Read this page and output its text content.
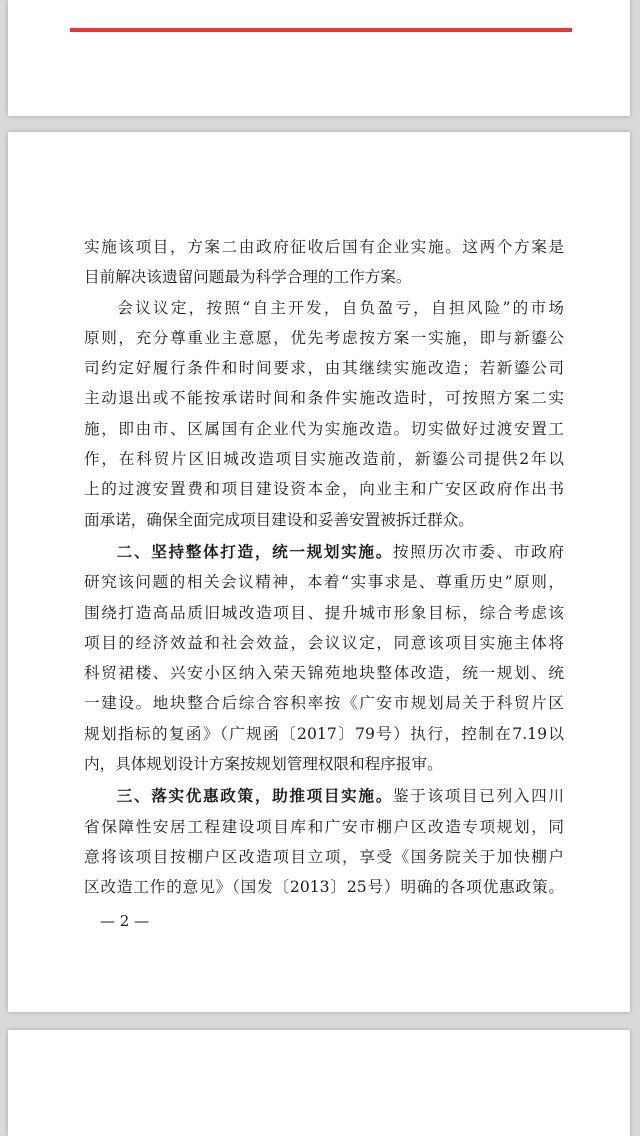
实施该项目，方案二由政府征收后国有企业实施。这两个方案是
目前解决该遗留问题最为科学合理的工作方案。
会议议定，按照“自主开发，自负盈亏，自担风险”的市场
原则，充分尊重业主意愿，优先考虑按方案一实施，即与新鎏公
司约定好履行条件和时间要求，由其继续实施改造；若新鎏公司
主动退出或不能按承诺时间和条件实施改造时，可按照方案二实
施，即由市、区属国有企业代为实施改造。切实做好过渡安置工
作，在科贸片区旧城改造项目实施改造前，新鎏公司提供2年以
上的过渡安置费和项目建设资本金，向业主和广安区政府作出书
面承诺，确保全面完成项目建设和妥善安置被拆迁群众。
二、坚持整体打造，统一规划实施。按照历次市委、市政府
研究该问题的相关会议精神，本着“实事求是、尊重历史”原则，
围绕打造高品质旧城改造项目、提升城市形象目标，综合考虑该
项目的经济效益和社会效益，会议议定，同意该项目实施主体将
科贸裙楼、兴安小区纳入荣天锦苑地块整体改造，统一规划、统
一建设。地块整合后综合容积率按《广安市规划局关于科贸片区
规划指标的复函》（广规函〔2017〕79号）执行，控制在7.19以
内，具体规划设计方案按规划管理权限和程序报审。
三、落实优惠政策，助推项目实施。鉴于该项目已列入四川
省保障性安居工程建设项目库和广安市棚户区改造专项规划，同
意将该项目按棚户区改造项目立项，享受《国务院关于加快棚户
区改造工作的意见》（国发〔2013〕25号）明确的各项优惠政策。
— 2 —
